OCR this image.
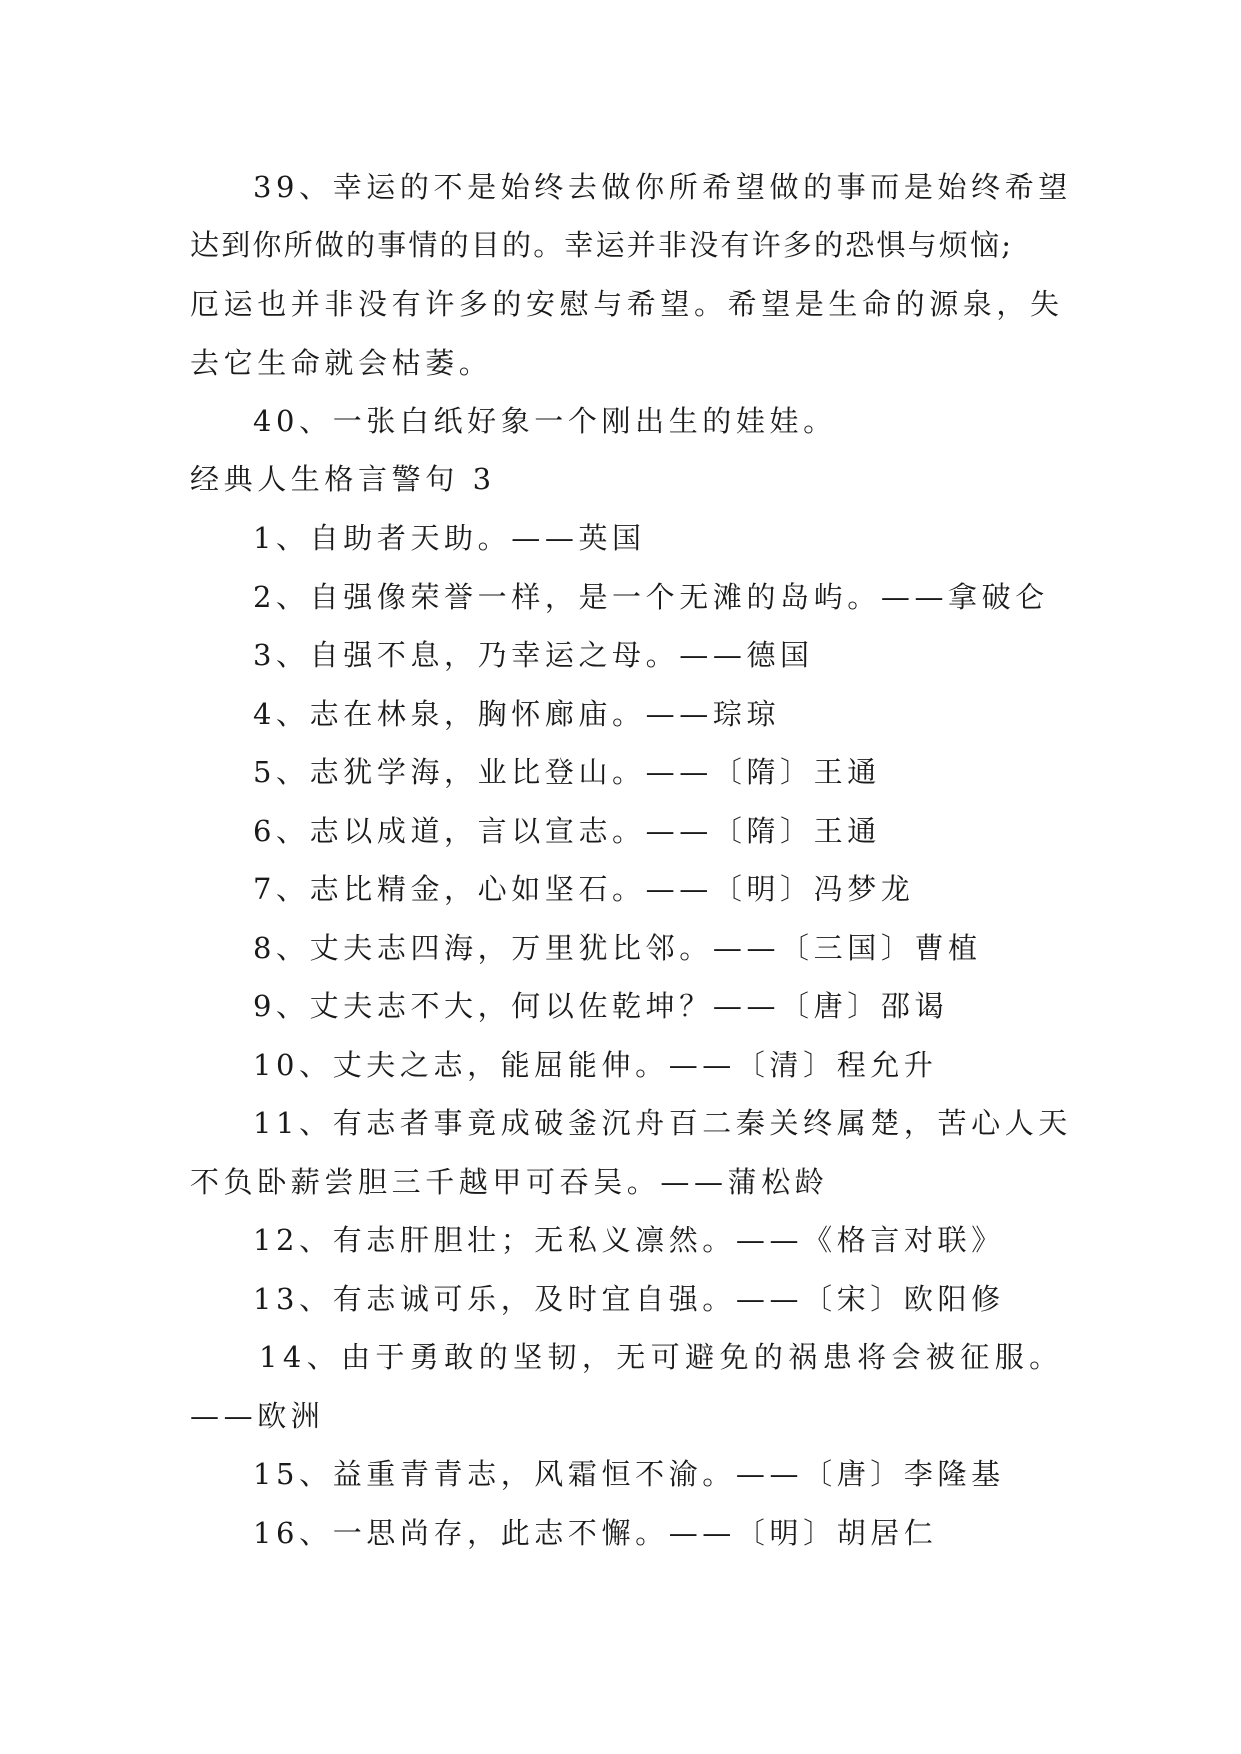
39、幸运的不是始终去做你所希望做的事而是始终希望
达到你所做的事情的目的。幸运并非没有许多的恐惧与烦恼;
厄运也并非没有许多的安慰与希望。希望是生命的源泉，失
去它生命就会枯萎。
40、一张白纸好象一个刚出生的娃娃。
经典人生格言警句 3
1、自助者天助。——英国
2、自强像荣誉一样，是一个无滩的岛屿。——拿破仑
3、自强不息，乃幸运之母。——德国
4、志在林泉，胸怀廊庙。——琮琼
5、志犹学海，业比登山。——〔隋〕王通
6、志以成道，言以宣志。——〔隋〕王通
7、志比精金，心如坚石。——〔明〕冯梦龙
8、丈夫志四海，万里犹比邻。——〔三国〕曹植
9、丈夫志不大，何以佐乾坤？——〔唐〕邵谒
10、丈夫之志，能屈能伸。——〔清〕程允升
11、有志者事竟成破釜沉舟百二秦关终属楚，苦心人天
不负卧薪尝胆三千越甲可吞吴。——蒲松龄
12、有志肝胆壮；无私义凛然。——《格言对联》
13、有志诚可乐，及时宜自强。——〔宋〕欧阳修
14、由于勇敢的坚韧，无可避免的祸患将会被征服。
——欧洲
15、益重青青志，风霜恒不渝。——〔唐〕李隆基
16、一思尚存，此志不懈。——〔明〕胡居仁
